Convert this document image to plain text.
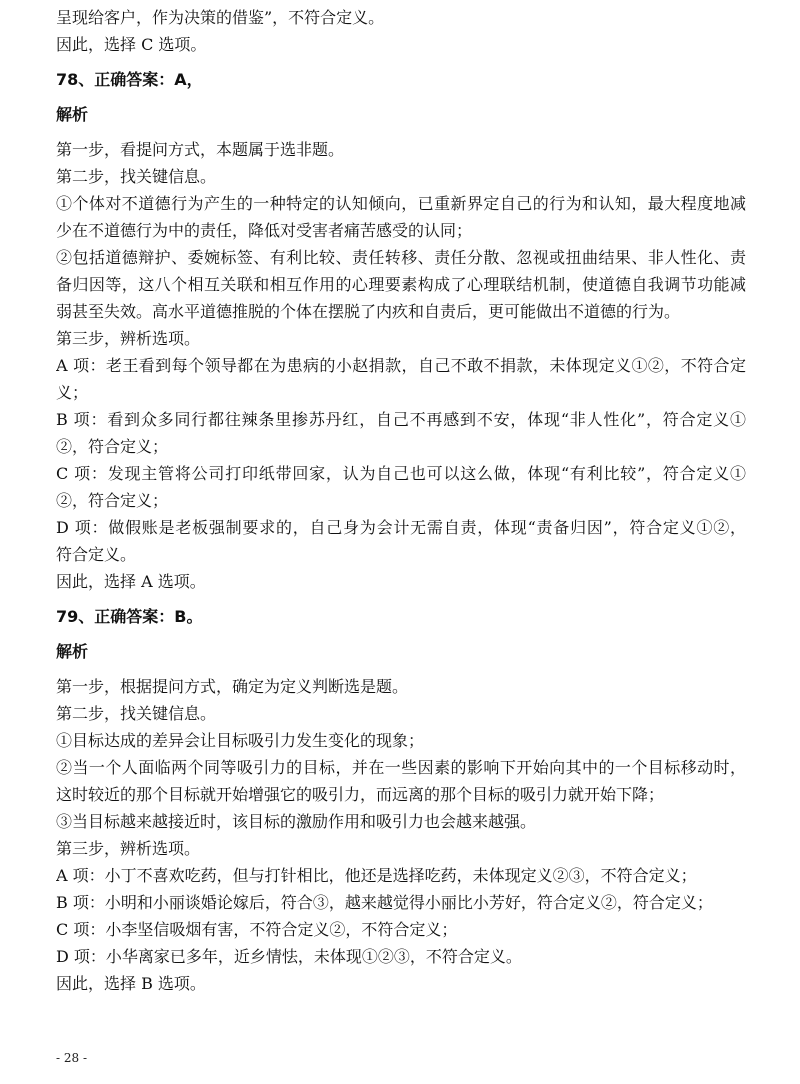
呈现给客户，作为决策的借鉴”，不符合定义。
因此，选择 C 选项。
78、正确答案：A，
解析
第一步，看提问方式，本题属于选非题。
第二步，找关键信息。
①个体对不道德行为产生的一种特定的认知倾向，已重新界定自己的行为和认知，最大程度地减
少在不道德行为中的责任，降低对受害者痛苦感受的认同；
②包括道德辩护、委婉标签、有利比较、责任转移、责任分散、忽视或扭曲结果、非人性化、责
备归因等，这八个相互关联和相互作用的心理要素构成了心理联结机制，使道德自我调节功能减
弱甚至失效。高水平道德推脱的个体在摆脱了内疚和自责后，更可能做出不道德的行为。
第三步，辨析选项。
A 项：老王看到每个领导都在为患病的小赵捐款，自己不敢不捐款，未体现定义①②，不符合定
义；
B 项：看到众多同行都往辣条里掺苏丹红，自己不再感到不安，体现“非人性化”，符合定义①
②，符合定义；
C 项：发现主管将公司打印纸带回家，认为自己也可以这么做，体现“有利比较”，符合定义①
②，符合定义；
D 项：做假账是老板强制要求的，自己身为会计无需自责，体现“责备归因”，符合定义①②，
符合定义。
因此，选择 A 选项。
79、正确答案：B。
解析
第一步，根据提问方式，确定为定义判断选是题。
第二步，找关键信息。
①目标达成的差异会让目标吸引力发生变化的现象；
②当一个人面临两个同等吸引力的目标，并在一些因素的影响下开始向其中的一个目标移动时，
这时较近的那个目标就开始增强它的吸引力，而远离的那个目标的吸引力就开始下降；
③当目标越来越接近时，该目标的激励作用和吸引力也会越来越强。
第三步，辨析选项。
A 项：小丁不喜欢吃药，但与打针相比，他还是选择吃药，未体现定义②③，不符合定义；
B 项：小明和小丽谈婚论嫁后，符合③，越来越觉得小丽比小芳好，符合定义②，符合定义；
C 项：小李坚信吸烟有害，不符合定义②，不符合定义；
D 项：小华离家已多年，近乡情怯，未体现①②③，不符合定义。
因此，选择 B 选项。
- 28 -
